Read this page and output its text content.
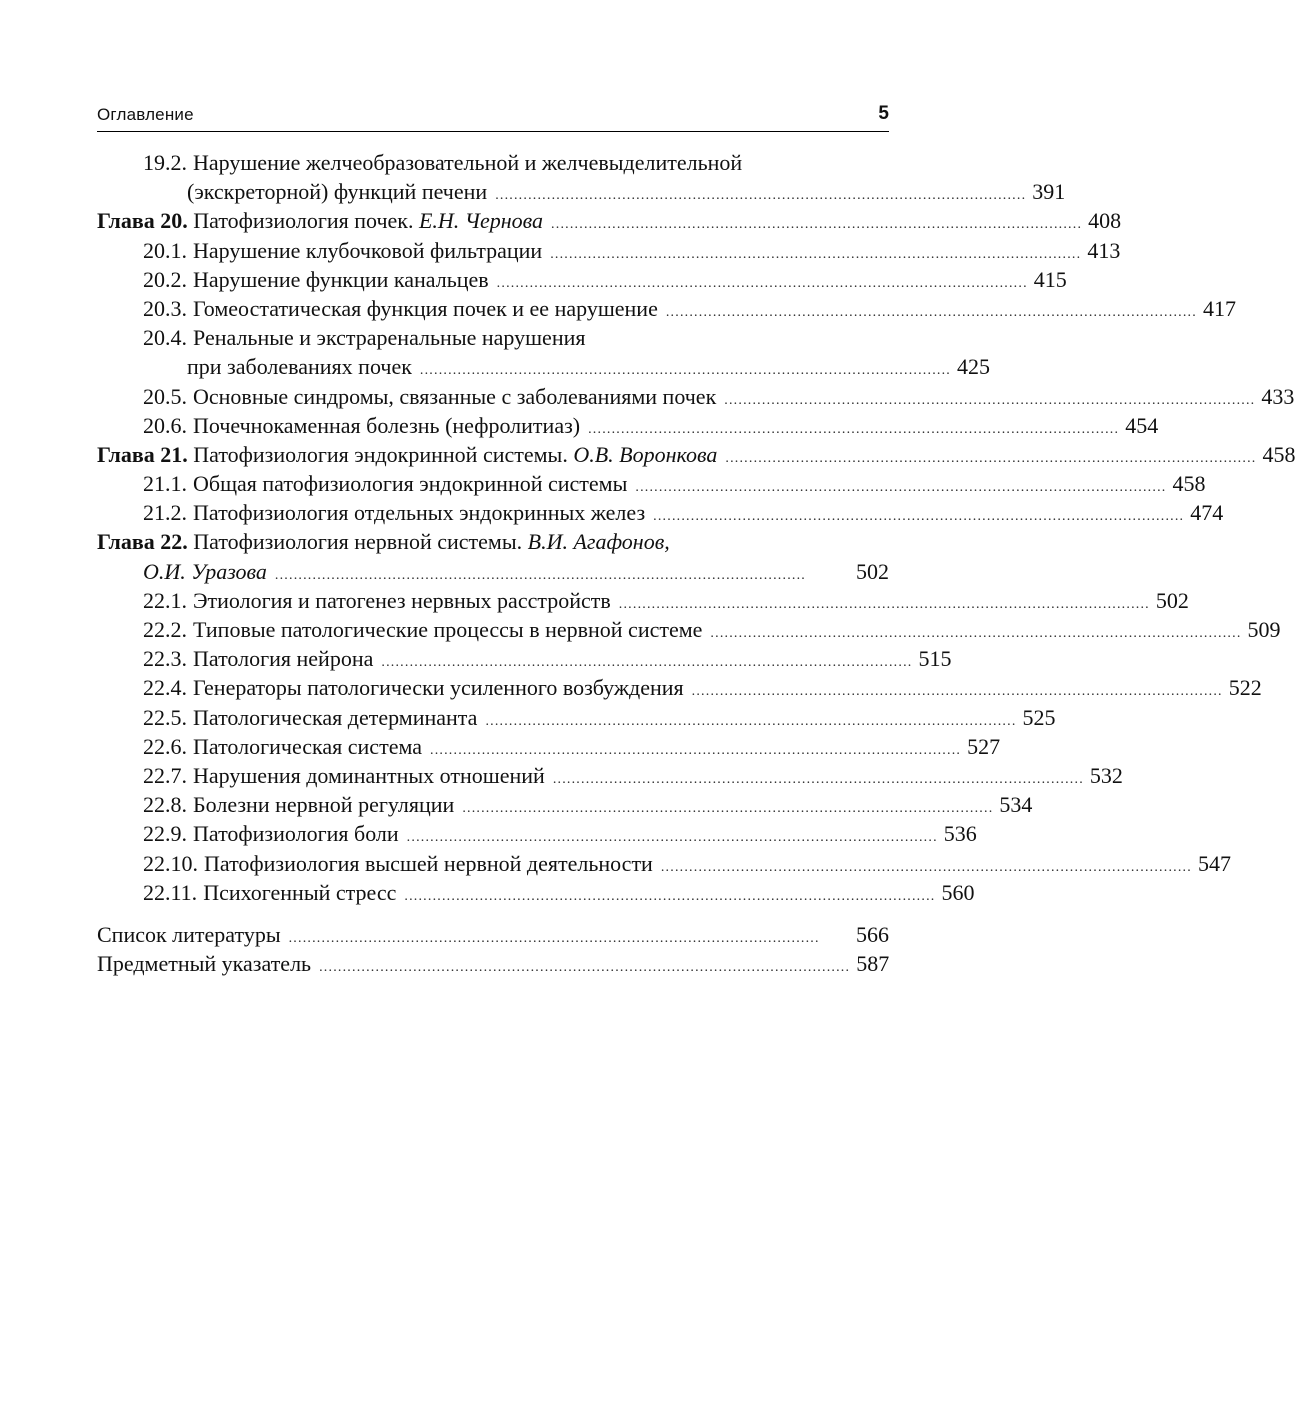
Оглавление	5
19.2. Нарушение желчеобразовательной и желчевыделительной
(экскреторной) функций печени ................................................................................................................. 391
Глава 20. Патофизиология почек. Е.Н. Чернова ................................................................................................................. 408
20.1. Нарушение клубочковой фильтрации ................................................................................................................. 413
20.2. Нарушение функции канальцев ................................................................................................................. 415
20.3. Гомеостатическая функция почек и ее нарушение ................................................................................................................. 417
20.4. Ренальные и экстраренальные нарушения
при заболеваниях почек ................................................................................................................. 425
20.5. Основные синдромы, связанные с заболеваниями почек ................................................................................................................. 433
20.6. Почечнокаменная болезнь (нефролитиаз) ................................................................................................................. 454
Глава 21. Патофизиология эндокринной системы. О.В. Воронкова ................................................................................................................. 458
21.1. Общая патофизиология эндокринной системы ................................................................................................................. 458
21.2. Патофизиология отдельных эндокринных желез ................................................................................................................. 474
Глава 22. Патофизиология нервной системы. В.И. Агафонов,
О.И. Уразова .................................................................................................................	502
22.1. Этиология и патогенез нервных расстройств ................................................................................................................. 502
22.2. Типовые патологические процессы в нервной системе ................................................................................................................. 509
22.3. Патология нейрона ................................................................................................................. 515
22.4. Генераторы патологически усиленного возбуждения ................................................................................................................. 522
22.5. Патологическая детерминанта ................................................................................................................. 525
22.6. Патологическая система ................................................................................................................. 527
22.7. Нарушения доминантных отношений ................................................................................................................. 532
22.8. Болезни нервной регуляции ................................................................................................................. 534
22.9. Патофизиология боли ................................................................................................................. 536
22.10. Патофизиология высшей нервной деятельности ................................................................................................................. 547
22.11. Психогенный стресс ................................................................................................................. 560
Список литературы .................................................................................................................	566
Предметный указатель ................................................................................................................. 587
